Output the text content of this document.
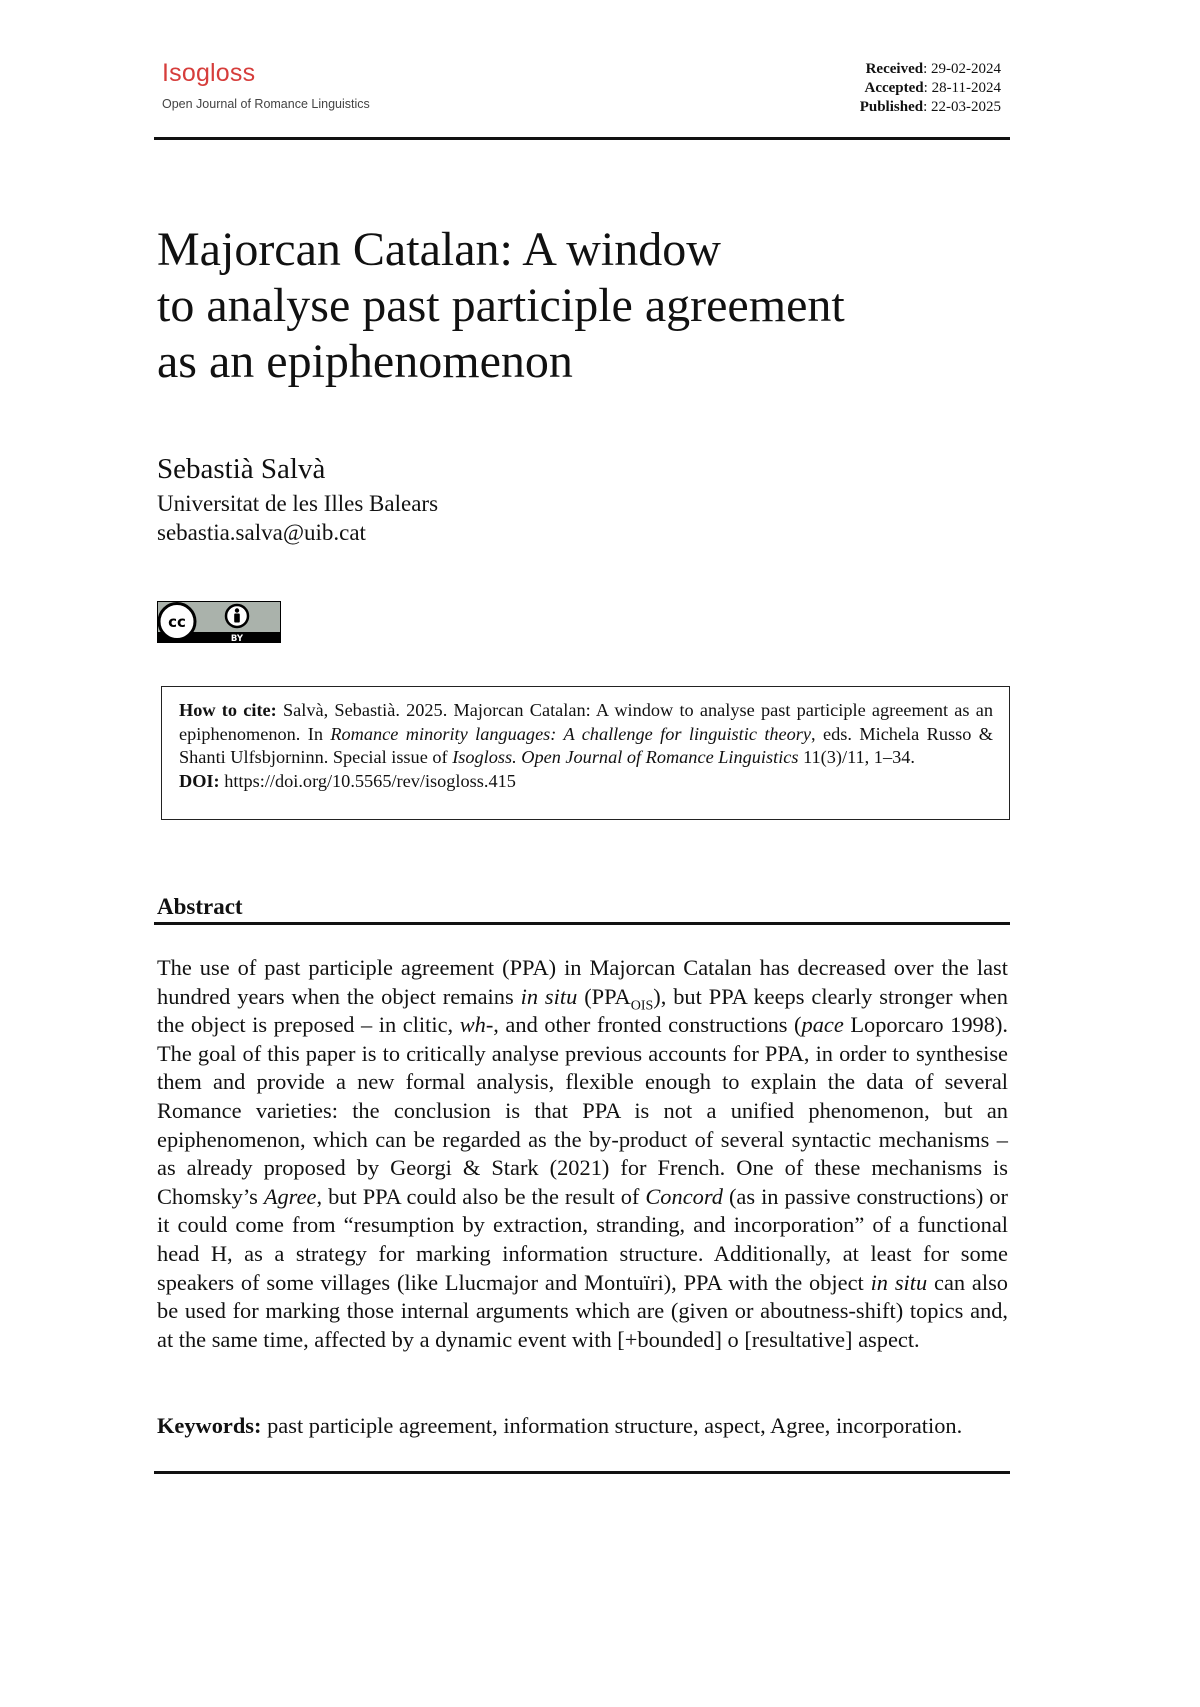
Isogloss
Open Journal of Romance Linguistics
Received: 29-02-2024
Accepted: 28-11-2024
Published: 22-03-2025
Majorcan Catalan: A window
to analyse past participle agreement
as an epiphenomenon
Sebastià Salvà
Universitat de les Illes Balears
sebastia.salva@uib.cat
BY
cc
How to cite: Salvà, Sebastià. 2025. Majorcan Catalan: A window to analyse past participle agreement as an epiphenomenon. In Romance minority languages: A challenge for linguistic theory, eds. Michela Russo & Shanti Ulfsbjorninn. Special issue of Isogloss. Open Journal of Romance Linguistics 11(3)/11, 1–34.
DOI: https://doi.org/10.5565/rev/isogloss.415
Abstract
The use of past participle agreement (PPA) in Majorcan Catalan has decreased over the last hundred years when the object remains in situ $(PPA_{OIS})$, but PPA keeps clearly stronger when the object is preposed – in clitic, wh-, and other fronted constructions (pace Loporcaro 1998). The goal of this paper is to critically analyse previous accounts for PPA, in order to synthesise them and provide a new formal analysis, flexible enough to explain the data of several Romance varieties: the conclusion is that PPA is not a unified phenomenon, but an epiphenomenon, which can be regarded as the by-product of several syntactic mechanisms – as already proposed by Georgi & Stark (2021) for French. One of these mechanisms is Chomsky’s Agree, but PPA could also be the result of Concord (as in passive constructions) or it could come from “resumption by extraction, stranding, and incorporation” of a functional head H, as a strategy for marking information structure. Additionally, at least for some speakers of some villages (like Llucmajor and Montuïri), PPA with the object in situ can also be used for marking those internal arguments which are (given or aboutness-shift) topics and, at the same time, affected by a dynamic event with [+bounded] o [resultative] aspect.
Keywords: past participle agreement, information structure, aspect, Agree, incorporation.
